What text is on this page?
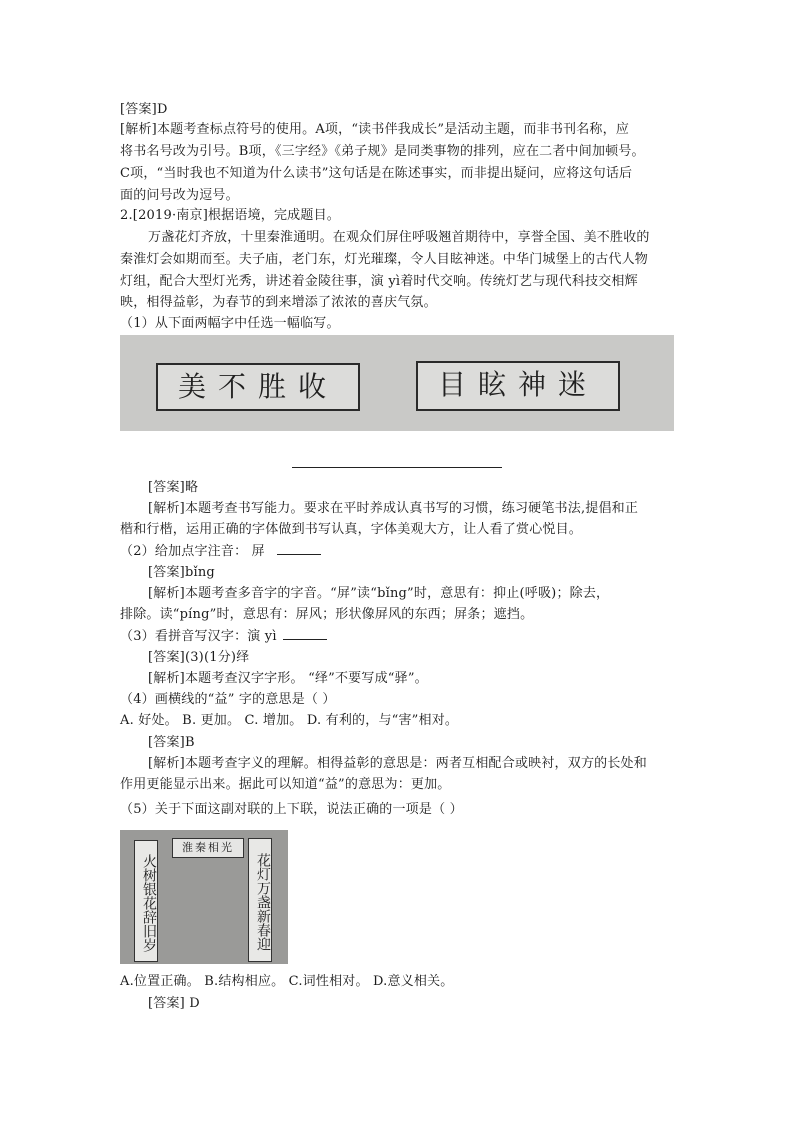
[答案]D
[解析]本题考查标点符号的使用。A项，“读书伴我成长”是活动主题，而非书刊名称，应
将书名号改为引号。B项，《三字经》《弟子规》是同类事物的排列，应在二者中间加顿号。
C项，“当时我也不知道为什么读书”这句话是在陈述事实，而非提出疑问，应将这句话后
面的问号改为逗号。
2.[2019·南京]根据语境，完成题目。
万盏花灯齐放，十里秦淮通明。在观众们屏住呼吸翘首期待中，享誉全国、美不胜收的
秦淮灯会如期而至。夫子庙，老门东，灯光璀璨，令人目眩神迷。中华门城堡上的古代人物
灯组，配合大型灯光秀，讲述着金陵往事，演 yì着时代交响。传统灯艺与现代科技交相辉
映，相得益彰，为春节的到来增添了浓浓的喜庆气氛。
（1）从下面两幅字中任选一幅临写。
美不胜收	目眩神迷
[答案]略
[解析]本题考查书写能力。要求在平时养成认真书写的习惯，练习硬笔书法,提倡和正
楷和行楷，运用正确的字体做到书写认真，字体美观大方，让人看了赏心悦目。
（2）给加点字注音： 屏
[答案]bǐng
[解析]本题考查多音字的字音。“屏”读“bǐng”时，意思有：抑止(呼吸)；除去，
排除。读“píng”时，意思有：屏风；形状像屏风的东西；屏条；遮挡。
（3）看拼音写汉字：演 yì
[答案](3)(1分)绎
[解析]本题考查汉字字形。 “绎”不要写成“驿”。
（4）画横线的“益” 字的意思是（ ）
A. 好处。 B. 更加。 C. 增加。 D. 有利的，与“害”相对。
[答案]B
[解析]本题考查字义的理解。相得益彰的意思是：两者互相配合或映衬，双方的长处和
作用更能显示出来。据此可以知道“益”的意思为：更加。
（5）关于下面这副对联的上下联，说法正确的一项是（ ）
淮秦相光
火树银花辞旧岁	花灯万盏新春迎
A.位置正确。 B.结构相应。 C.词性相对。 D.意义相关。
[答案] D
